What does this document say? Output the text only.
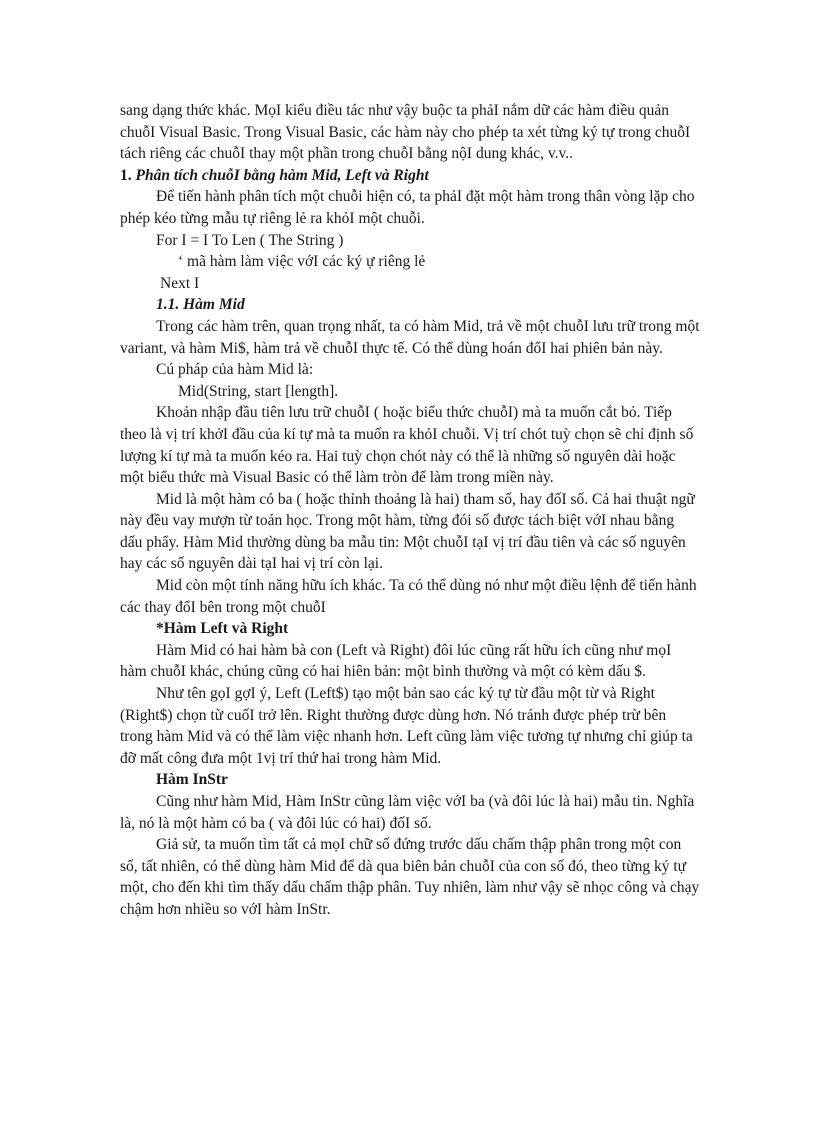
sang dạng thức khác. MọI kiểu điều tác như vậy buộc ta phảI nắm dữ các hàm điều quản chuỗI Visual Basic. Trong Visual Basic, các hàm này cho phép ta xét từng ký tự trong chuỗI tách riêng các chuỗI thay một phần trong chuỗI bằng nộI dung khác, v.v..

1. Phân tích chuỗI bằng hàm Mid, Left và Right

Để tiến hành phân tích một chuỗi hiện có, ta phảI đặt một hàm trong thân vòng lặp cho phép kéo từng mẫu tự riêng lẻ ra khỏI một chuỗi.

For I = I To Len ( The String )

‘ mã hàm làm việc vớI các ký ự riêng lẻ

Next I

1.1. Hàm Mid

Trong các hàm trên, quan trọng nhất, ta có hàm Mid, trả về một chuỗI lưu trữ trong một variant, và hàm Mi$, hàm trả về chuỗI thực tế. Có thể dùng hoán đổI hai phiên bản này.

Cú pháp của hàm Mid là:

Mid(String, start [length].

Khoản nhập đầu tiên lưu trữ chuỗI ( hoặc biểu thức chuỗI) mà ta muốn cắt bỏ. Tiếp theo là vị trí khởI đầu của kí tự mà ta muốn ra khỏI chuỗi. Vị trí chót tuỳ chọn sẽ chỉ định số lượng kí tự mà ta muốn kéo ra. Hai tuỳ chọn chót này có thể là những số nguyên dài hoặc một biểu thức mà Visual Basic có thể làm tròn để làm trong miền này.

Mid là một hàm có ba ( hoặc thỉnh thoảng là hai) tham số, hay đốI số. Cả hai thuật ngữ này đều vay mượn từ toán học. Trong một hàm, từng đói số được tách biệt vớI nhau bằng dấu phẩy. Hàm Mid thường dùng ba mẫu tin: Một chuỗI tạI vị trí đầu tiên và các số nguyên hay các số nguyên dài tạI hai vị trí còn lại.

Mid còn một tính năng hữu ích khác. Ta có thể dùng nó như một điều lệnh để tiến hành các thay đổI bên trong một chuỗI

*Hàm Left và Right

Hàm Mid có hai hàm bà con (Left và Right) đôi lúc cũng rất hữu ích cũng như mọI hàm chuỗI khác, chúng cũng có hai hiên bản: một bình thường và một có kèm dấu $.

Như tên gọI gợI ý, Left (Left$) tạo một bản sao các ký tự từ đầu một từ và Right (Right$) chọn từ cuốI trở lên. Right thường được dùng hơn. Nó tránh được phép trừ bên trong hàm Mid và có thể làm việc nhanh hơn. Left cũng làm việc tương tự nhưng chỉ giúp ta đỡ mất công đưa một 1vị trí thứ hai trong hàm Mid.

Hàm InStr

Cũng như hàm Mid, Hàm InStr cũng làm việc vớI ba (và đôi lúc là hai) mẫu tin. Nghĩa là, nó là một hàm có ba ( và đôi lúc có hai) đốI số.

Giả sử, ta muốn tìm tất cả mọI chữ số đứng trước dấu chấm thập phân trong một con số, tất nhiên, có thể dùng hàm Mid để dà qua biên bản chuỗI của con số đó, theo từng ký tự một, cho đến khi tìm thấy dấu chấm thập phân. Tuy nhiên, làm như vậy sẽ nhọc công và chạy chậm hơn nhiều so vớI hàm InStr.
